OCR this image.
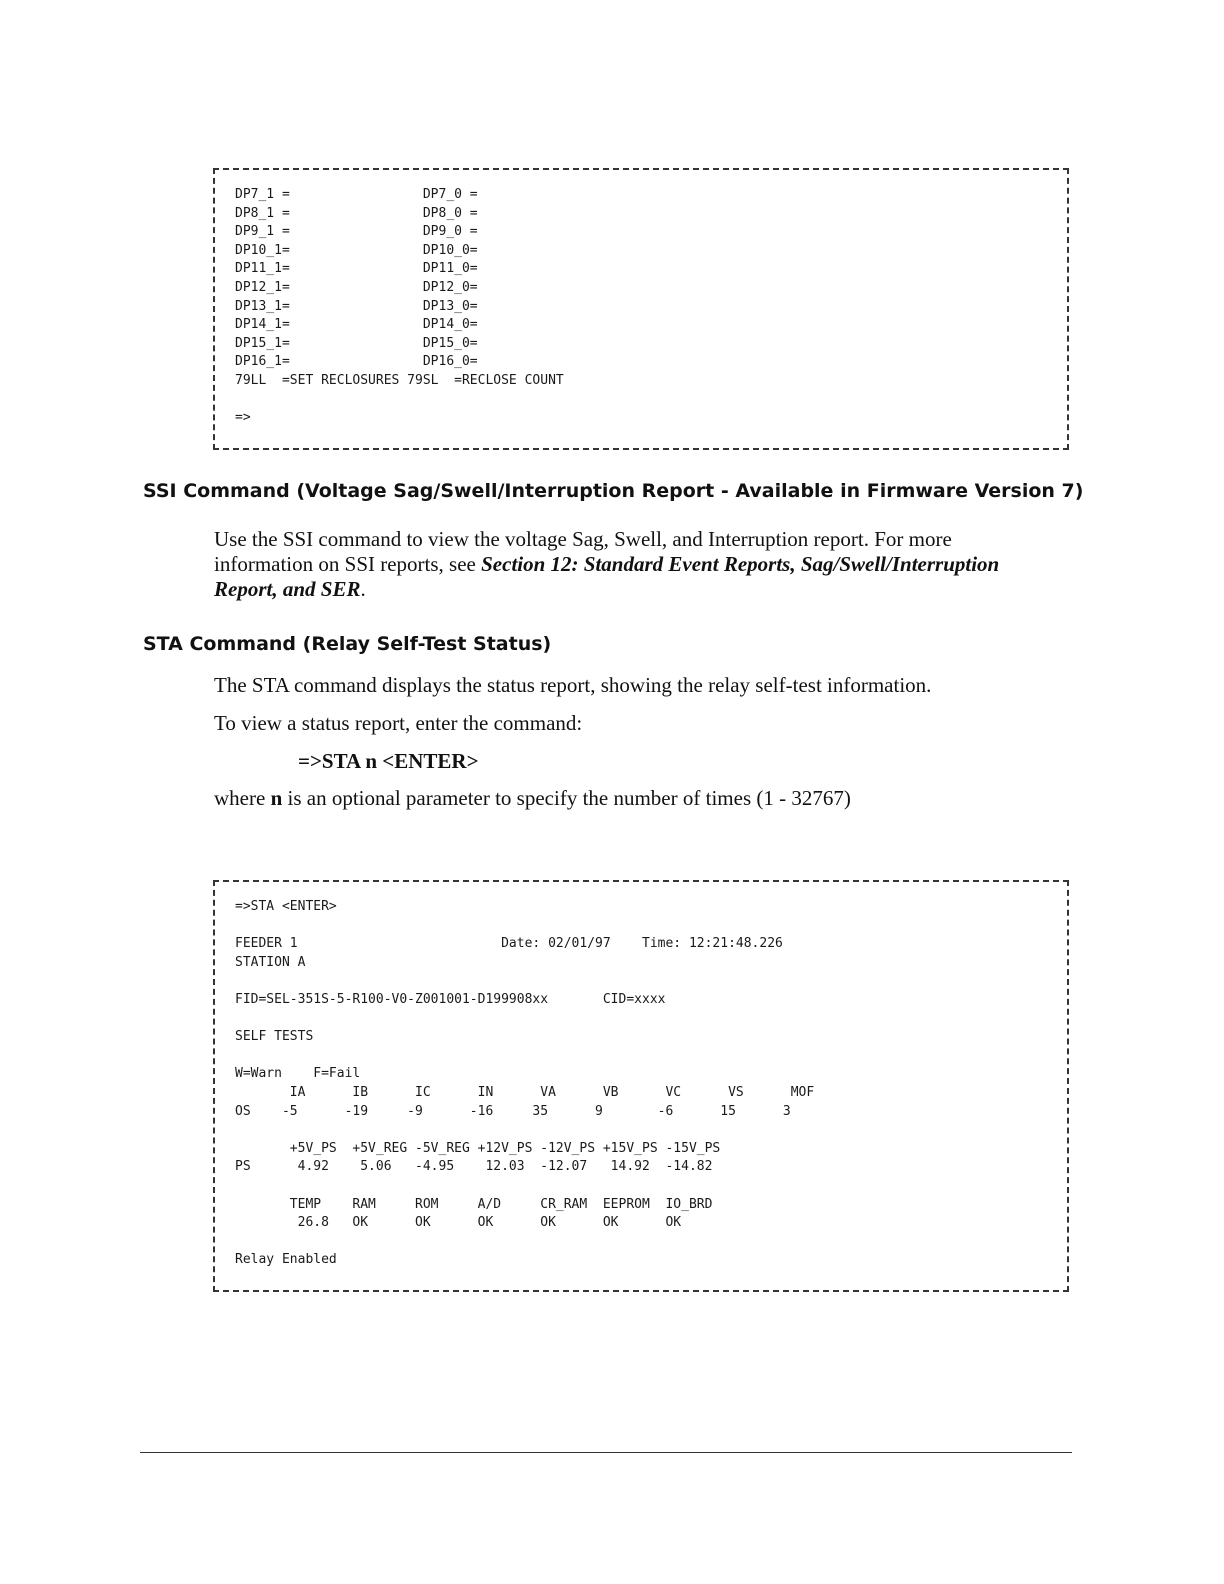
DP7_1 =                 DP7_0 =
DP8_1 =                 DP8_0 =
DP9_1 =                 DP9_0 =
DP10_1=                 DP10_0=
DP11_1=                 DP11_0=
DP12_1=                 DP12_0=
DP13_1=                 DP13_0=
DP14_1=                 DP14_0=
DP15_1=                 DP15_0=
DP16_1=                 DP16_0=
79LL  =SET RECLOSURES 79SL  =RECLOSE COUNT

=>
SSI Command (Voltage Sag/Swell/Interruption Report - Available in Firmware Version 7)

Use the SSI command to view the voltage Sag, Swell, and Interruption report. For more information on SSI reports, see Section 12: Standard Event Reports, Sag/Swell/Interruption Report, and SER.

STA Command (Relay Self-Test Status)

The STA command displays the status report, showing the relay self-test information.

To view a status report, enter the command:

=>STA n <ENTER>

where n is an optional parameter to specify the number of times (1 - 32767)

=>STA <ENTER>

FEEDER 1                          Date: 02/01/97    Time: 12:21:48.226
STATION A

FID=SEL-351S-5-R100-V0-Z001001-D199908xx       CID=xxxx

SELF TESTS

W=Warn    F=Fail
IA      IB      IC      IN      VA      VB      VC      VS      MOF
OS    -5      -19     -9      -16     35      9       -6      15      3

+5V_PS  +5V_REG -5V_REG +12V_PS -12V_PS +15V_PS -15V_PS
PS      4.92    5.06   -4.95    12.03  -12.07   14.92  -14.82

TEMP    RAM     ROM     A/D     CR_RAM  EEPROM  IO_BRD
26.8   OK      OK      OK      OK      OK      OK

Relay Enabled
